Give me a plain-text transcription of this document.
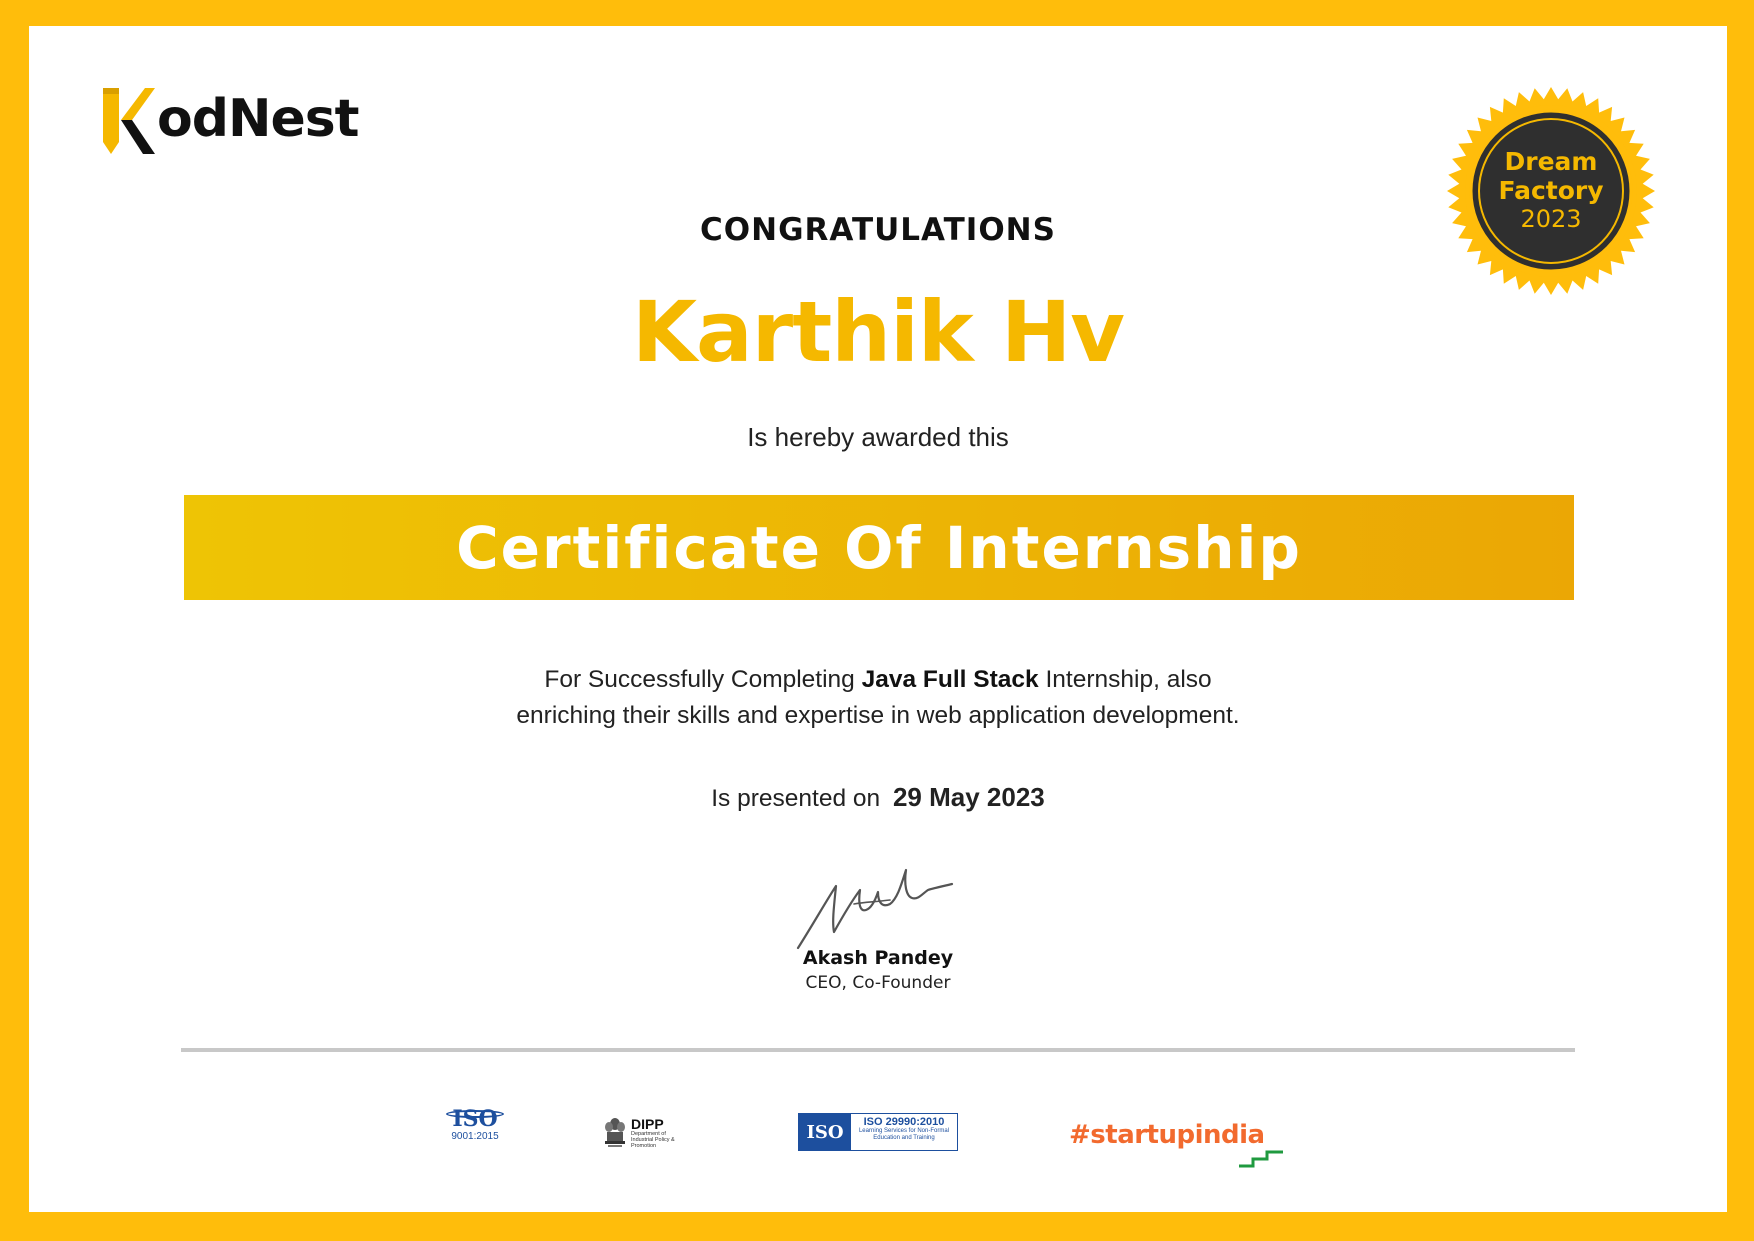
odNest
Dream
Factory
2023
CONGRATULATIONS
Karthik Hv
Is hereby awarded this
Certificate Of Internship
For Successfully Completing Java Full Stack Internship, also
enriching their skills and expertise in web application development.
Is presented on 29 May 2023
Akash Pandey
CEO, Co-Founder
ISO
9001:2015
DIPP
Department of Industrial Policy & Promotion
ISO	ISO 29990:2010
Learning Services for Non-Formal Education and Training	#startupindia
